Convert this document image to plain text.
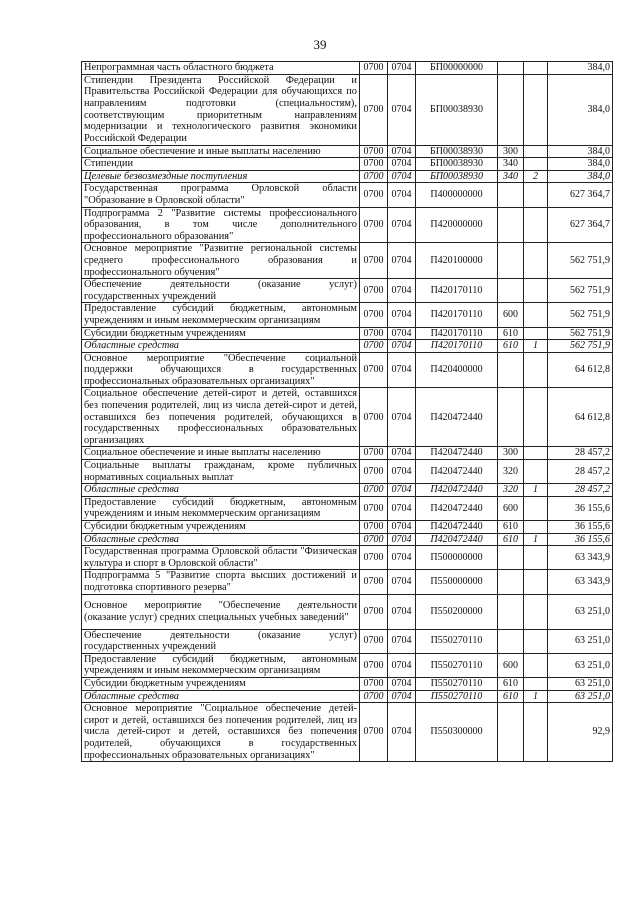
39
Непрограммная часть областного бюджета	0700	0704	БП00000000			384,0
Стипендии Президента Российской Федерации и Правительства Российской Федерации для обучающихся по направлениям подготовки (специальностям), соответствующим приоритетным направлениям модернизации и технологического развития экономики Российской Федерации	0700	0704	БП00038930			384,0
Социальное обеспечение и иные выплаты населению	0700	0704	БП00038930	300		384,0
Стипендии	0700	0704	БП00038930	340		384,0
Целевые безвозмездные поступления	0700	0704	БП00038930	340	2	384,0
Государственная программа Орловской области "Образование в Орловской области"	0700	0704	П400000000			627 364,7
Подпрограмма 2 "Развитие системы профессионального образования, в том числе дополнительного профессионального образования"	0700	0704	П420000000			627 364,7
Основное мероприятие "Развитие региональной системы среднего профессионального образования и профессионального обучения"	0700	0704	П420100000			562 751,9
Обеспечение деятельности (оказание услуг) государственных учреждений	0700	0704	П420170110			562 751,9
Предоставление субсидий бюджетным, автономным учреждениям и иным некоммерческим организациям	0700	0704	П420170110	600		562 751,9
Субсидии бюджетным учреждениям	0700	0704	П420170110	610		562 751,9
Областные средства	0700	0704	П420170110	610	1	562 751,9
Основное мероприятие "Обеспечение социальной поддержки обучающихся в государственных профессиональных образовательных организациях"	0700	0704	П420400000			64 612,8
Социальное обеспечение детей-сирот и детей, оставшихся без попечения родителей, лиц из числа детей-сирот и детей, оставшихся без попечения родителей, обучающихся в государственных профессиональных образовательных организациях	0700	0704	П420472440			64 612,8
Социальное обеспечение и иные выплаты населению	0700	0704	П420472440	300		28 457,2
Социальные выплаты гражданам, кроме публичных нормативных социальных выплат	0700	0704	П420472440	320		28 457,2
Областные средства	0700	0704	П420472440	320	1	28 457,2
Предоставление субсидий бюджетным, автономным учреждениям и иным некоммерческим организациям	0700	0704	П420472440	600		36 155,6
Субсидии бюджетным учреждениям	0700	0704	П420472440	610		36 155,6
Областные средства	0700	0704	П420472440	610	1	36 155,6
Государственная программа Орловской области "Физическая культура и спорт в Орловской области"	0700	0704	П500000000			63 343,9
Подпрограмма 5 "Развитие спорта высших достижений и подготовка спортивного резерва"	0700	0704	П550000000			63 343,9
Основное мероприятие "Обеспечение деятельности (оказание услуг) средних специальных учебных заведений"	0700	0704	П550200000			63 251,0
Обеспечение деятельности (оказание услуг) государственных учреждений	0700	0704	П550270110			63 251,0
Предоставление субсидий бюджетным, автономным учреждениям и иным некоммерческим организациям	0700	0704	П550270110	600		63 251,0
Субсидии бюджетным учреждениям	0700	0704	П550270110	610		63 251,0
Областные средства	0700	0704	П550270110	610	1	63 251,0
Основное мероприятие "Социальное обеспечение детей-сирот и детей, оставшихся без попечения родителей, лиц из числа детей-сирот и детей, оставшихся без попечения родителей, обучающихся в государственных профессиональных образовательных организациях"	0700	0704	П550300000			92,9
